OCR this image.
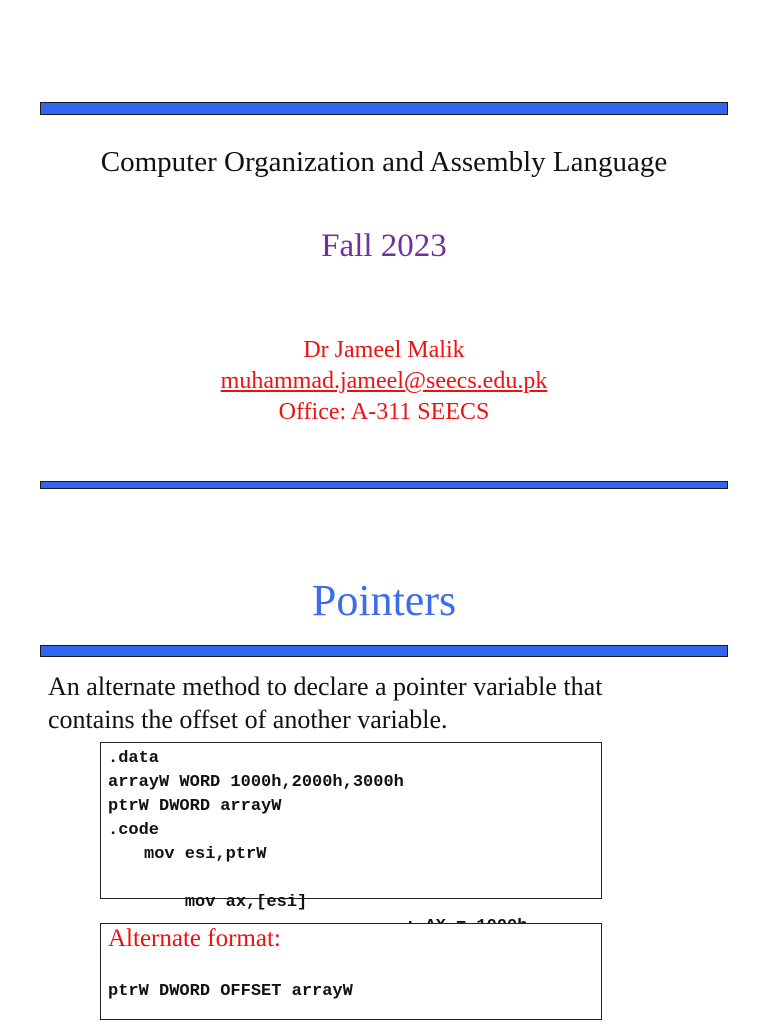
Computer Organization and Assembly Language
Fall 2023
Dr Jameel Malik
muhammad.jameel@seecs.edu.pk
Office: A-311 SEECS
Pointers
An alternate method to declare a pointer variable that
contains the offset of another variable.
.data
arrayW WORD 1000h,2000h,3000h
ptrW DWORD arrayW
.code
mov esi,ptrW

mov ax,[esi]

Alternate format:
ptrW DWORD OFFSET arrayW
